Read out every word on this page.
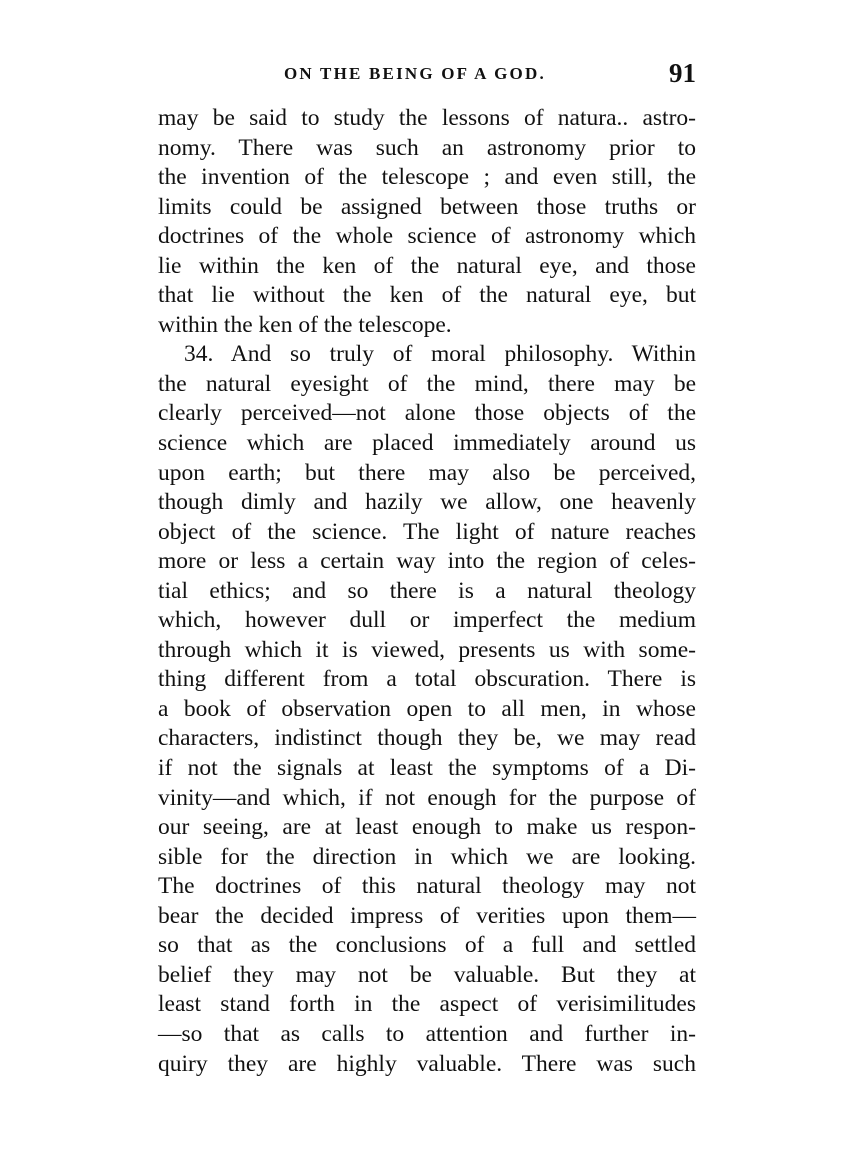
ON THE BEING OF A GOD.	91
may be said to study the lessons of natura.. astro-
nomy. There was such an astronomy prior to
the invention of the telescope ; and even still, the
limits could be assigned between those truths or
doctrines of the whole science of astronomy which
lie within the ken of the natural eye, and those
that lie without the ken of the natural eye, but
within the ken of the telescope.
34. And so truly of moral philosophy. Within
the natural eyesight of the mind, there may be
clearly perceived—not alone those objects of the
science which are placed immediately around us
upon earth; but there may also be perceived,
though dimly and hazily we allow, one heavenly
object of the science. The light of nature reaches
more or less a certain way into the region of celes-
tial ethics; and so there is a natural theology
which, however dull or imperfect the medium
through which it is viewed, presents us with some-
thing different from a total obscuration. There is
a book of observation open to all men, in whose
characters, indistinct though they be, we may read
if not the signals at least the symptoms of a Di-
vinity—and which, if not enough for the purpose of
our seeing, are at least enough to make us respon-
sible for the direction in which we are looking.
The doctrines of this natural theology may not
bear the decided impress of verities upon them—
so that as the conclusions of a full and settled
belief they may not be valuable. But they at
least stand forth in the aspect of verisimilitudes
—so that as calls to attention and further in-
quiry they are highly valuable. There was such
